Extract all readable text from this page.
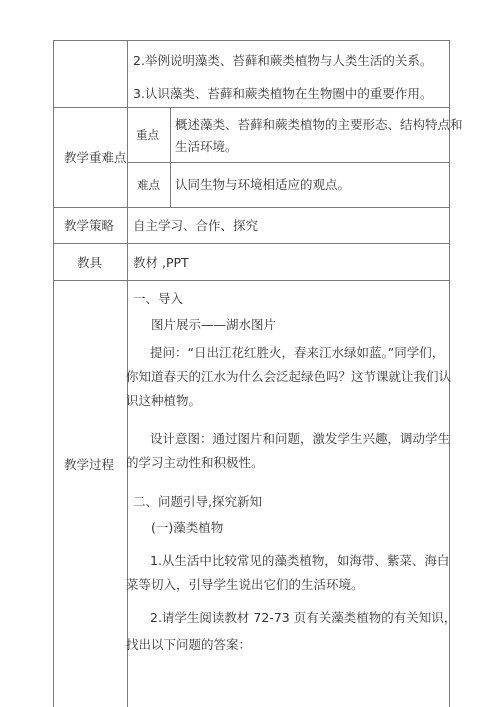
2.举例说明藻类、苔藓和蕨类植物与人类生活的关系。
3.认识藻类、苔藓和蕨类植物在生物圈中的重要作用。
教学重难点
重点
概述藻类、苔藓和蕨类植物的主要形态、结构特点和
生活环境。
难点 认同生物与环境相适应的观点。
教学策略 自主学习、合作、探究
教具 教材 ,PPT
教学过程
一、导入
图片展示——湖水图片
提问：“日出江花红胜火，春来江水绿如蓝。”同学们，
你知道春天的江水为什么会泛起绿色吗？这节课就让我们认
识这种植物。
设计意图：通过图片和问题，激发学生兴趣，调动学生
的学习主动性和积极性。
二、问题引导,探究新知
(一)藻类植物
1.从生活中比较常见的藻类植物，如海带、紫菜、海白
菜等切入，引导学生说出它们的生活环境。
2.请学生阅读教材 72-73 页有关藻类植物的有关知识，
找出以下问题的答案：
